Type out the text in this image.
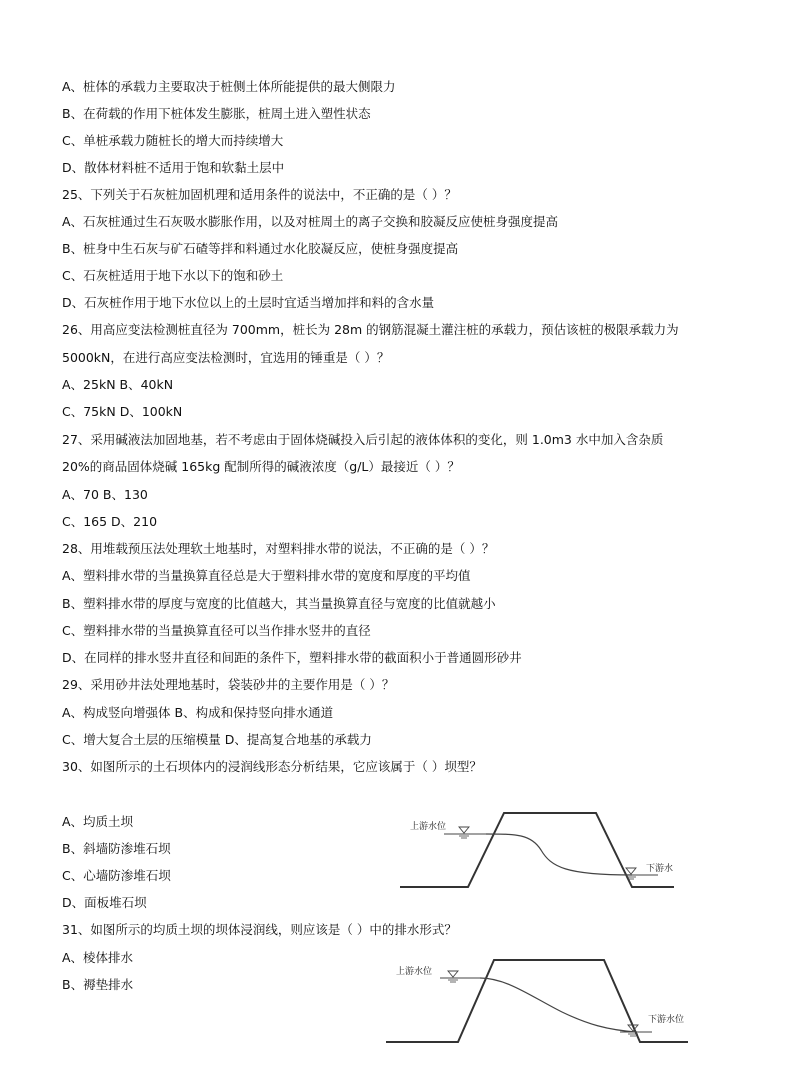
A、桩体的承载力主要取决于桩侧土体所能提供的最大侧限力
B、在荷载的作用下桩体发生膨胀，桩周土进入塑性状态
C、单桩承载力随桩长的增大而持续增大
D、散体材料桩不适用于饱和软黏土层中
25、下列关于石灰桩加固机理和适用条件的说法中，不正确的是（ ）？
A、石灰桩通过生石灰吸水膨胀作用，以及对桩周土的离子交换和胶凝反应使桩身强度提高
B、桩身中生石灰与矿石碴等拌和料通过水化胶凝反应，使桩身强度提高
C、石灰桩适用于地下水以下的饱和砂土
D、石灰桩作用于地下水位以上的土层时宜适当增加拌和料的含水量
26、用高应变法检测桩直径为 700mm，桩长为 28m 的钢筋混凝土灌注桩的承载力，预估该桩的极限承载力为
5000kN，在进行高应变法检测时，宜选用的锤重是（ ）？
A、25kN B、40kN
C、75kN D、100kN
27、采用碱液法加固地基，若不考虑由于固体烧碱投入后引起的液体体积的变化，则 1.0m3 水中加入含杂质
20%的商品固体烧碱 165kg 配制所得的碱液浓度（g/L）最接近（ ）？
A、70 B、130
C、165 D、210
28、用堆载预压法处理软土地基时，对塑料排水带的说法，不正确的是（ ）？
A、塑料排水带的当量换算直径总是大于塑料排水带的宽度和厚度的平均值
B、塑料排水带的厚度与宽度的比值越大，其当量换算直径与宽度的比值就越小
C、塑料排水带的当量换算直径可以当作排水竖井的直径
D、在同样的排水竖井直径和间距的条件下，塑料排水带的截面积小于普通圆形砂井
29、采用砂井法处理地基时，袋装砂井的主要作用是（ ）？
A、构成竖向增强体 B、构成和保持竖向排水通道
C、增大复合土层的压缩模量 D、提高复合地基的承载力
30、如图所示的土石坝体内的浸润线形态分析结果，它应该属于（ ）坝型？
A、均质土坝
B、斜墙防渗堆石坝
C、心墙防渗堆石坝
D、面板堆石坝
31、如图所示的均质土坝的坝体浸润线，则应该是（ ）中的排水形式？
A、棱体排水
B、褥垫排水
上游水位
下游水
上游水位
下游水位
